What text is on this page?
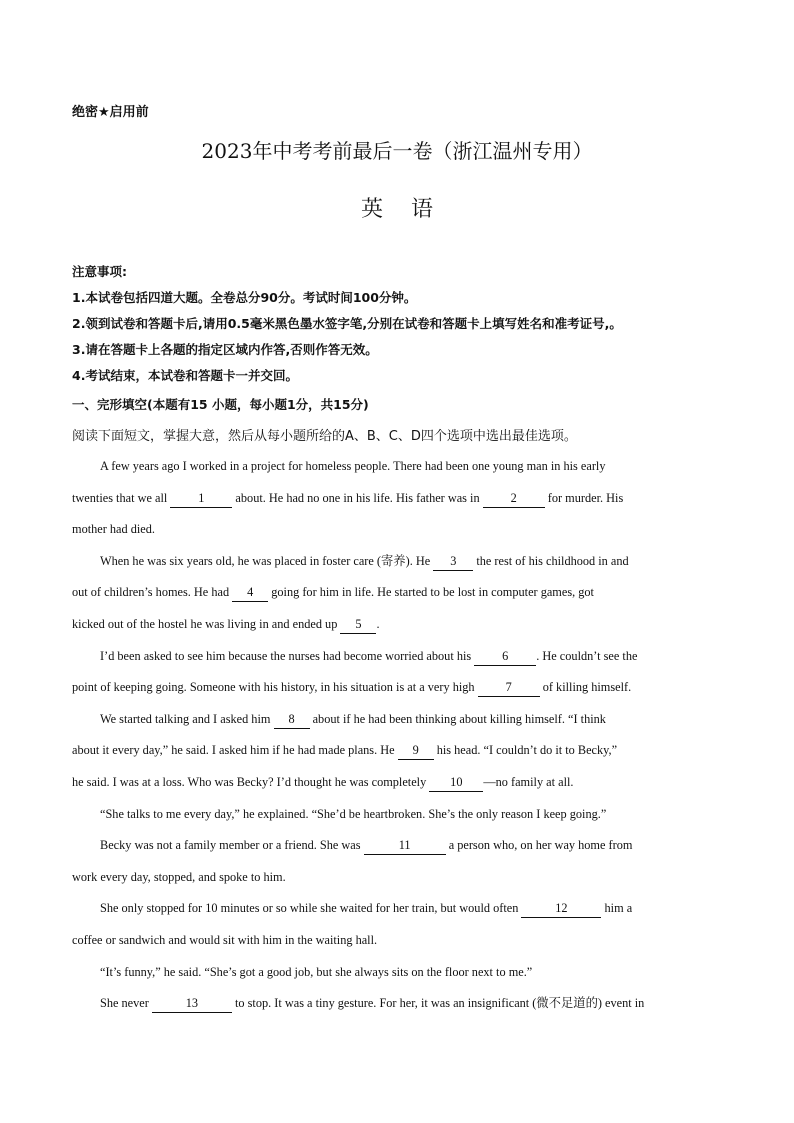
绝密★启用前
2023年中考考前最后一卷（浙江温州专用）
英语
注意事项:
1.本试卷包括四道大题。全卷总分90分。考试时间100分钟。
2.领到试卷和答题卡后,请用0.5毫米黑色墨水签字笔,分别在试卷和答题卡上填写姓名和准考证号,。
3.请在答题卡上各题的指定区域内作答,否则作答无效。
4.考试结束，本试卷和答题卡一并交回。
一、完形填空(本题有15 小题，每小题1分，共15分)
阅读下面短文，掌握大意，然后从每小题所给的A、B、C、D四个选项中选出最佳选项。
A few years ago I worked in a project for homeless people. There had been one young man in his early
twenties that we all 1 about. He had no one in his life. His father was in 2 for murder. His
mother had died.
When he was six years old, he was placed in foster care (寄养). He 3 the rest of his childhood in and
out of children’s homes. He had 4 going for him in life. He started to be lost in computer games, got
kicked out of the hostel he was living in and ended up 5 .
I’d been asked to see him because the nurses had become worried about his 6 . He couldn’t see the
point of keeping going. Someone with his history, in his situation is at a very high 7 of killing himself.
We started talking and I asked him 8 about if he had been thinking about killing himself. “I think
about it every day,” he said. I asked him if he had made plans. He 9 his head. “I couldn’t do it to Becky,”
he said. I was at a loss. Who was Becky? I’d thought he was completely 10 —no family at all.
“She talks to me every day,” he explained. “She’d be heartbroken. She’s the only reason I keep going.”
Becky was not a family member or a friend. She was	11	a person who, on her way home from
work every day, stopped, and spoke to him.
She only stopped for 10 minutes or so while she waited for her train, but would often	12	him a
coffee or sandwich and would sit with him in the waiting hall.
“It’s funny,” he said. “She’s got a good job, but she always sits on the floor next to me.”
She never	13	to stop. It was a tiny gesture. For her, it was an insignificant (微不足道的) event in
